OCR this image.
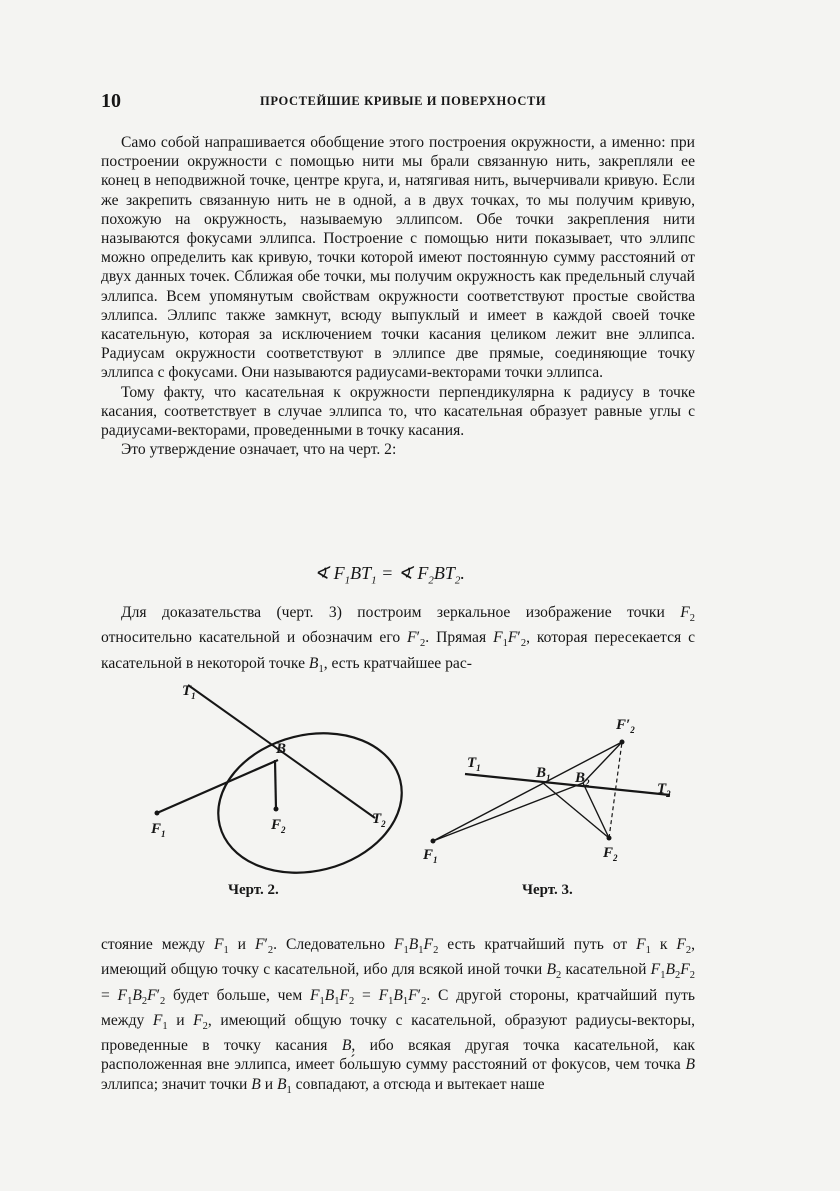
10	ПРОСТЕЙШИЕ КРИВЫЕ И ПОВЕРХНОСТИ

Само собой напрашивается обобщение этого построения окружности, а именно: при построении окружности с помощью нити мы брали связанную нить, закрепляли ее конец в неподвижной точке, центре круга, и, натягивая нить, вычерчивали кривую. Если же закрепить связанную нить не в одной, а в двух точках, то мы получим кривую, похожую на окружность, называемую эллипсом. Обе точки закрепления нити называются фокусами эллипса. Построение с помощью нити показывает, что эллипс можно определить как кривую, точки которой имеют постоянную сумму расстояний от двух данных точек. Сближая обе точки, мы получим окружность как предельный случай эллипса. Всем упомянутым свойствам окружности соответствуют простые свойства эллипса. Эллипс также замкнут, всюду выпуклый и имеет в каждой своей точке касательную, которая за исключением точки касания целиком лежит вне эллипса. Радиусам окружности соответствуют в эллипсе две прямые, соединяющие точку эллипса с фокусами. Они называются радиусами-векторами точки эллипса.

Тому факту, что касательная к окружности перпендикулярна к радиусу в точке касания, соответствует в случае эллипса то, что касательная образует равные углы с радиусами-векторами, проведенными в точку касания.

Это утверждение означает, что на черт. 2:

∢ $F_1BT_1$ = ∢ $F_2BT_2$.

Для доказательства (черт. 3) построим зеркальное изображение точки $F_2$ относительно касательной и обозначим его $F'_2$. Прямая $F_1F'_2$, которая пересекается с касательной в некоторой точке $B_1$, есть кратчайшее рас-

$T_1$
B
$T_2$
$F_1$
$F_2$
Черт. 2.
$T_1$
$T_2$
$B_1$ $B_2$
$F_1$	$F_2$
$F'_2$
Черт. 3.

стояние между $F_1$ и $F'_2$. Следовательно $F_1B_1F_2$ есть кратчайший путь от $F_1$ к $F_2$, имеющий общую точку с касательной, ибо для всякой иной точки $B_2$ касательной $F_1B_2F_2 = F_1B_2F'_2$ будет больше, чем $F_1B_1F_2 = F_1B_1F'_2$. С другой стороны, кратчайший путь между $F_1$ и $F_2$, имеющий общую точку с касательной, образуют радиусы-векторы, проведенные в точку касания B, ибо всякая другая точка касательной, как расположенная вне эллипса, имеет бо́льшую сумму расстояний от фокусов, чем точка B эллипса; значит точки B и $B_1$ совпадают, а отсюда и вытекает наше
